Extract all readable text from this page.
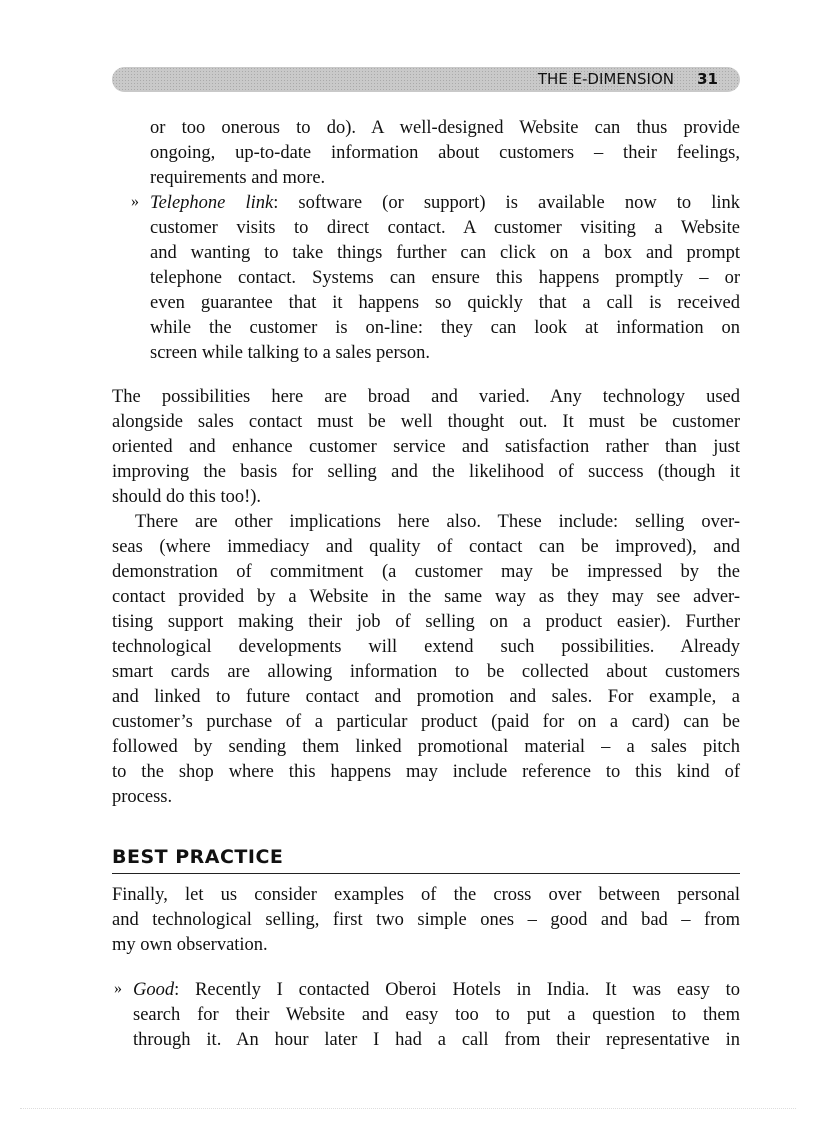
THE E-DIMENSION 31
or too onerous to do). A well-designed Website can thus provide
ongoing, up-to-date information about customers – their feelings,
requirements and more.
» Telephone link: software (or support) is available now to link
customer visits to direct contact. A customer visiting a Website
and wanting to take things further can click on a box and prompt
telephone contact. Systems can ensure this happens promptly – or
even guarantee that it happens so quickly that a call is received
while the customer is on-line: they can look at information on
screen while talking to a sales person.
The possibilities here are broad and varied. Any technology used
alongside sales contact must be well thought out. It must be customer
oriented and enhance customer service and satisfaction rather than just
improving the basis for selling and the likelihood of success (though it
should do this too!).
There are other implications here also. These include: selling over-
seas (where immediacy and quality of contact can be improved), and
demonstration of commitment (a customer may be impressed by the
contact provided by a Website in the same way as they may see adver-
tising support making their job of selling on a product easier). Further
technological developments will extend such possibilities. Already
smart cards are allowing information to be collected about customers
and linked to future contact and promotion and sales. For example, a
customer’s purchase of a particular product (paid for on a card) can be
followed by sending them linked promotional material – a sales pitch
to the shop where this happens may include reference to this kind of
process.
BEST PRACTICE
Finally, let us consider examples of the cross over between personal
and technological selling, first two simple ones – good and bad – from
my own observation.
» Good: Recently I contacted Oberoi Hotels in India. It was easy to
search for their Website and easy too to put a question to them
through it. An hour later I had a call from their representative in
